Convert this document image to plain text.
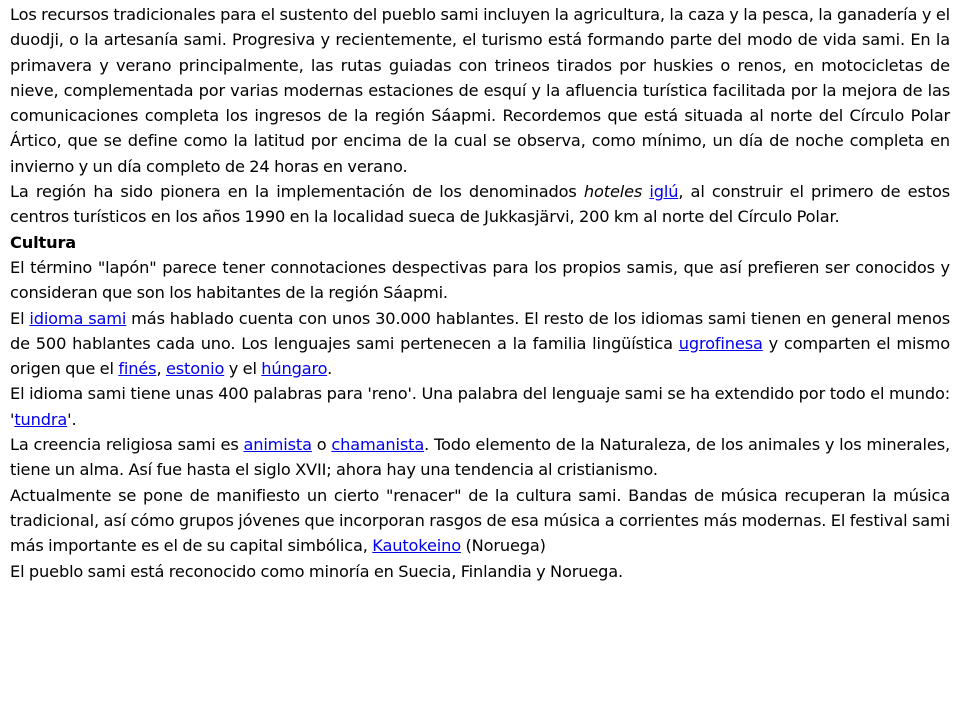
Los recursos tradicionales para el sustento del pueblo sami incluyen la agricultura, la caza y la pesca, la ganadería y el duodji, o la artesanía sami. Progresiva y recientemente, el turismo está formando parte del modo de vida sami. En la primavera y verano principalmente, las rutas guiadas con trineos tirados por huskies o renos, en motocicletas de nieve, complementada por varias modernas estaciones de esquí y la afluencia turística facilitada por la mejora de las comunicaciones completa los ingresos de la región Sáapmi. Recordemos que está situada al norte del Círculo Polar Ártico, que se define como la latitud por encima de la cual se observa, como mínimo, un día de noche completa en invierno y un día completo de 24 horas en verano.

La región ha sido pionera en la implementación de los denominados hoteles iglú, al construir el primero de estos centros turísticos en los años 1990 en la localidad sueca de Jukkasjärvi, 200 km al norte del Círculo Polar.

Cultura

El término "lapón" parece tener connotaciones despectivas para los propios samis, que así prefieren ser conocidos y consideran que son los habitantes de la región Sáapmi.

El idioma sami más hablado cuenta con unos 30.000 hablantes. El resto de los idiomas sami tienen en general menos de 500 hablantes cada uno. Los lenguajes sami pertenecen a la familia lingüística ugrofinesa y comparten el mismo origen que el finés, estonio y el húngaro.

El idioma sami tiene unas 400 palabras para 'reno'. Una palabra del lenguaje sami se ha extendido por todo el mundo: 'tundra'.

La creencia religiosa sami es animista o chamanista. Todo elemento de la Naturaleza, de los animales y los minerales, tiene un alma. Así fue hasta el siglo XVII; ahora hay una tendencia al cristianismo.

Actualmente se pone de manifiesto un cierto "renacer" de la cultura sami. Bandas de música recuperan la música tradicional, así cómo grupos jóvenes que incorporan rasgos de esa música a corrientes más modernas. El festival sami más importante es el de su capital simbólica, Kautokeino (Noruega)

El pueblo sami está reconocido como minoría en Suecia, Finlandia y Noruega.
